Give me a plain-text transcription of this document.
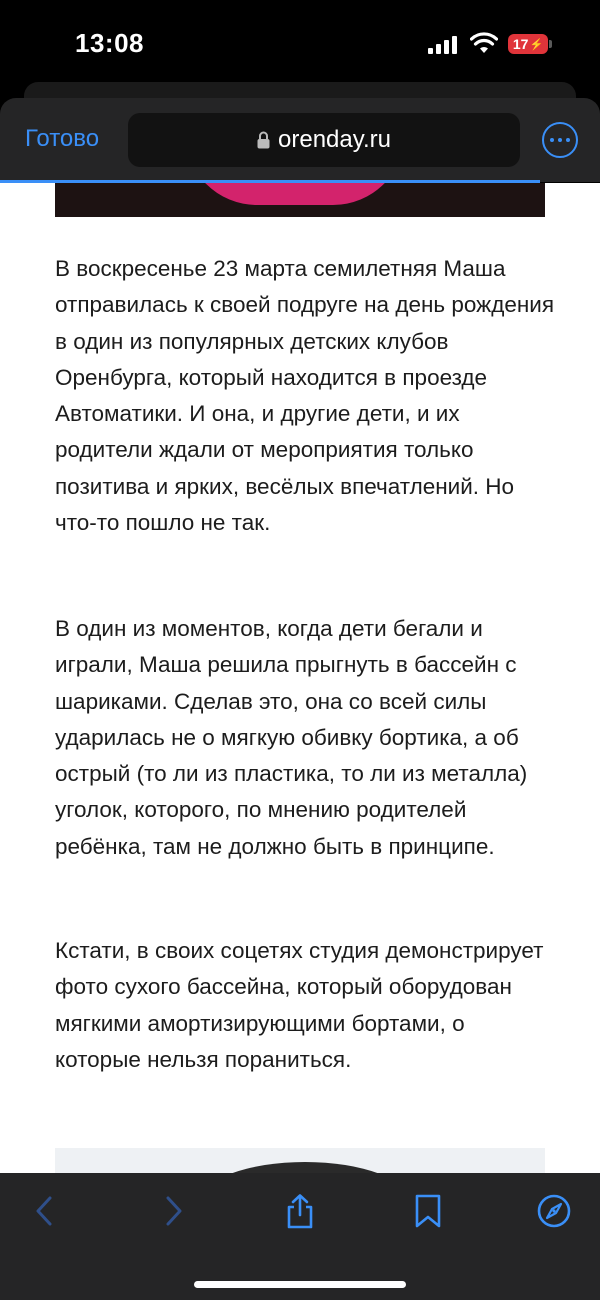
13:08	17 ⚡
Готово	orenday.ru

В воскресенье 23 марта семилетняя Маша отправилась к своей подруге на день рождения в один из популярных детских клубов Оренбурга, который находится в проезде Автоматики. И она, и другие дети, и их родители ждали от мероприятия только позитива и ярких, весёлых впечатлений. Но что-то пошло не так.

В один из моментов, когда дети бегали и играли, Маша решила прыгнуть в бассейн с шариками. Сделав это, она со всей силы ударилась не о мягкую обивку бортика, а об острый (то ли из пластика, то ли из металла) уголок, которого, по мнению родителей ребёнка, там не должно быть в принципе.

Кстати, в своих соцетях студия демонстрирует фото сухого бассейна, который оборудован мягкими амортизирующими бортами, о которые нельзя пораниться.
